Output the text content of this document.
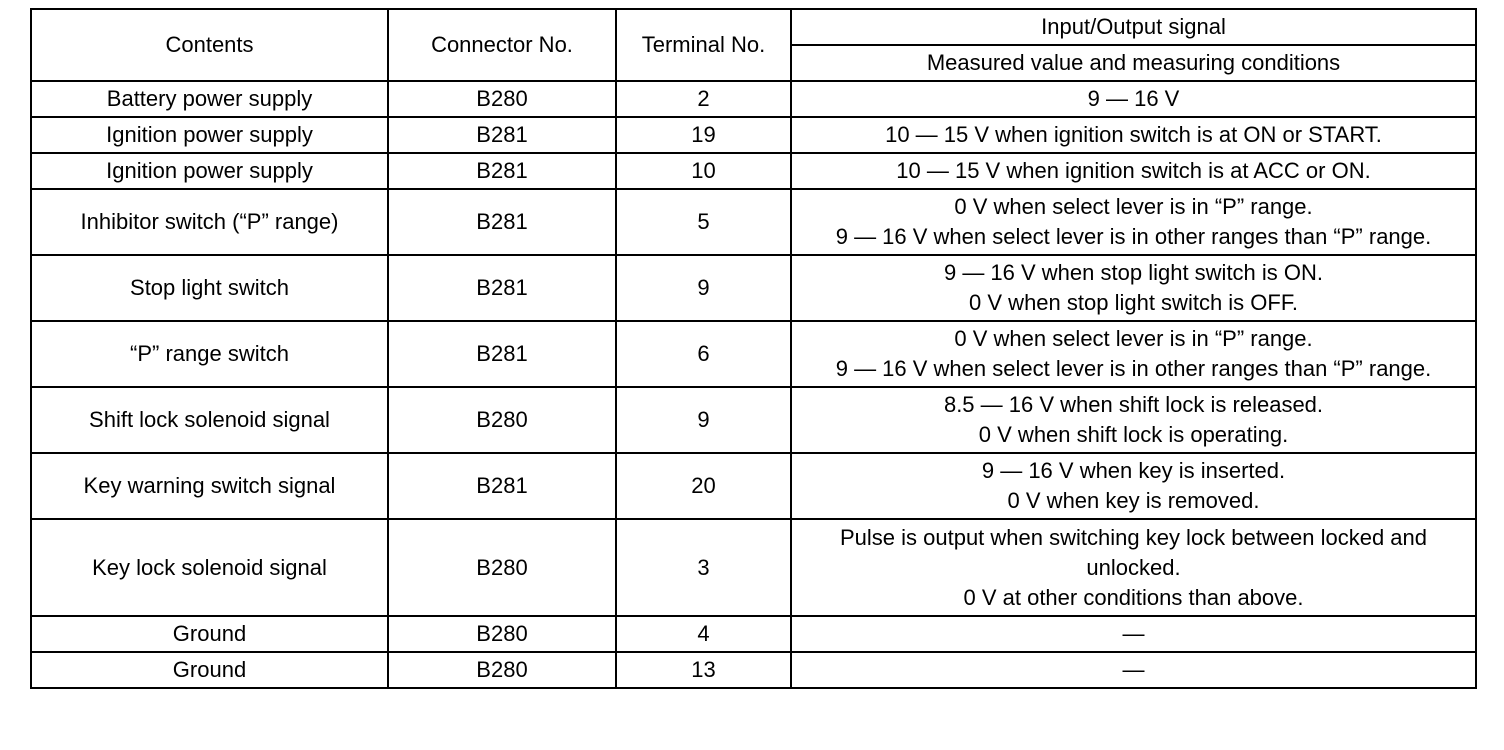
Contents	Connector No.	Terminal No.	Input/Output signal
			Measured value and measuring conditions
Battery power supply	B280	2	9 — 16 V

Ignition power supply	B281	19	10 — 15 V when ignition switch is at ON or START.

Ignition power supply	B281	10	10 — 15 V when ignition switch is at ACC or ON.

Inhibitor switch (“P” range)	B281	5	0 V when select lever is in “P” range.
9 — 16 V when select lever is in other ranges than “P” range.

Stop light switch	B281	9	9 — 16 V when stop light switch is ON.
0 V when stop light switch is OFF.

“P” range switch	B281	6	0 V when select lever is in “P” range.
9 — 16 V when select lever is in other ranges than “P” range.

Shift lock solenoid signal	B280	9	8.5 — 16 V when shift lock is released.
0 V when shift lock is operating.

Key warning switch signal	B281	20	9 — 16 V when key is inserted.
0 V when key is removed.

Key lock solenoid signal	B280	3	Pulse is output when switching key lock between locked and unlocked.
0 V at other conditions than above.

Ground	B280	4	—

Ground	B280	13	—
